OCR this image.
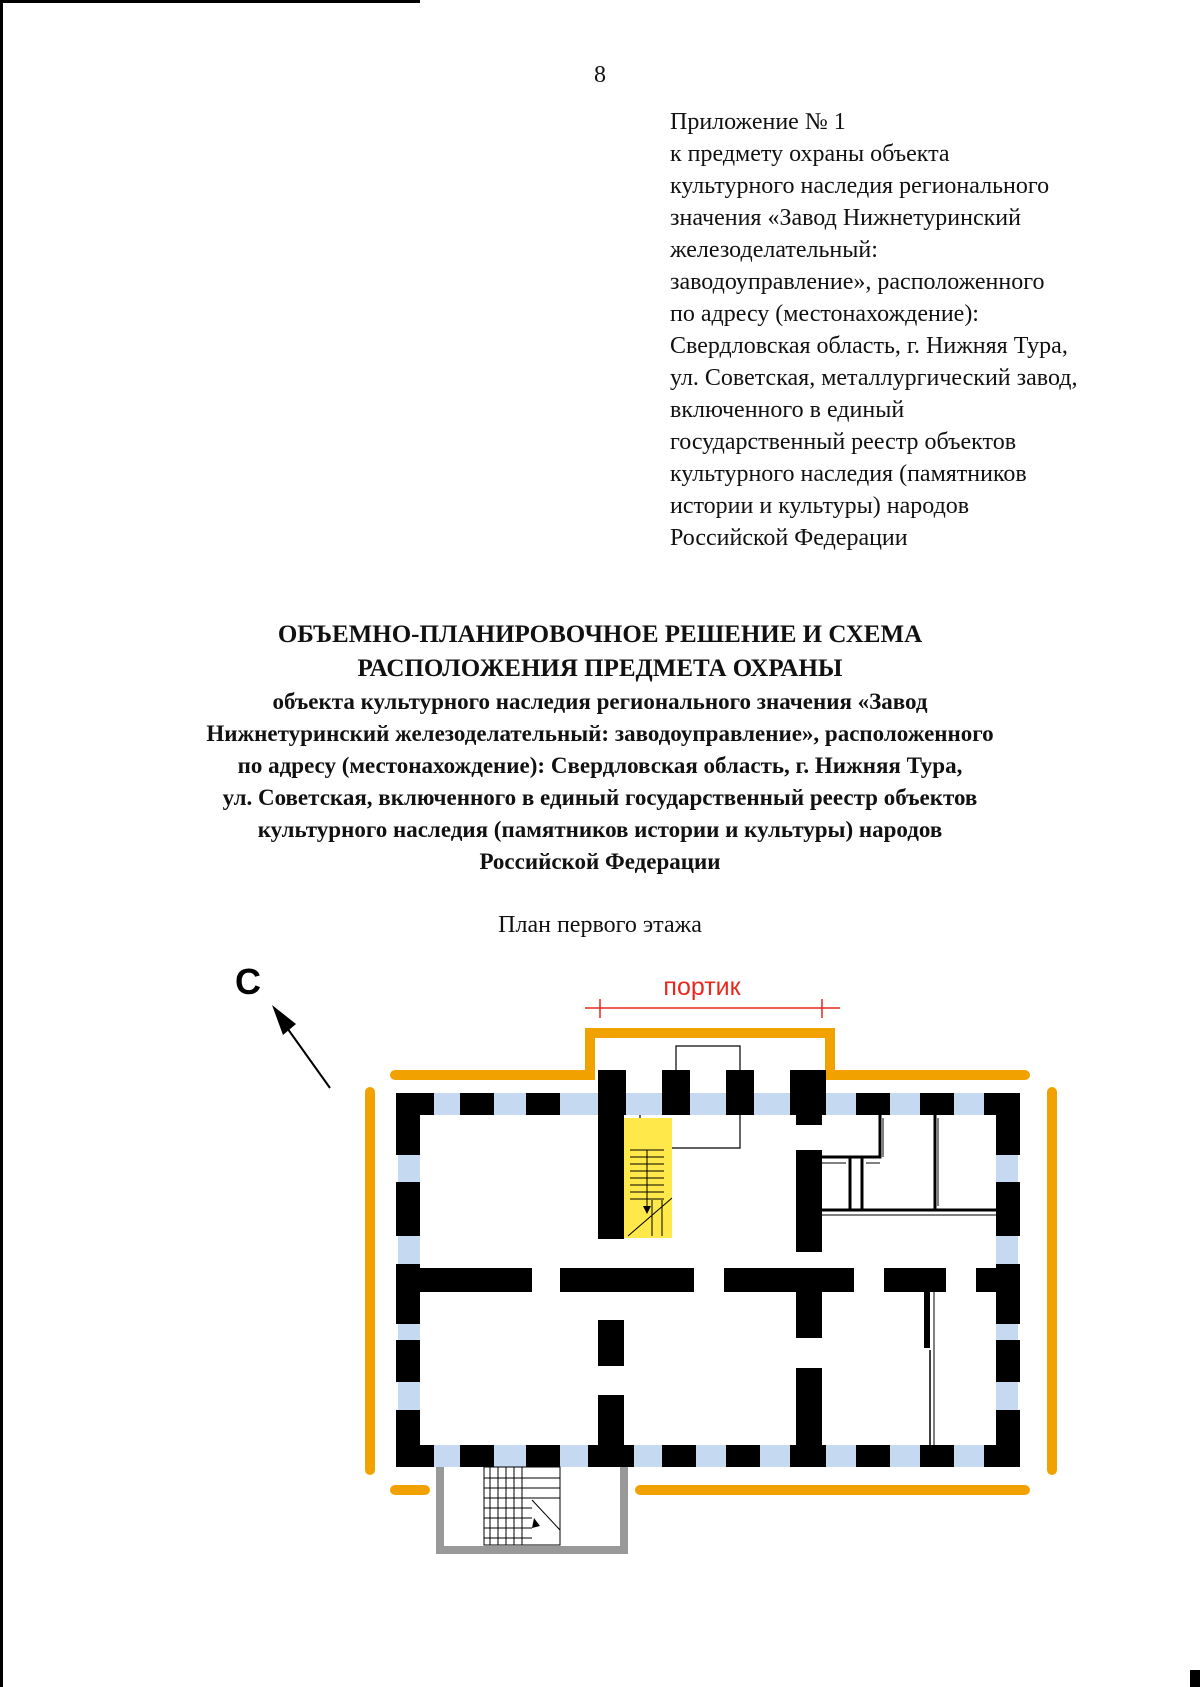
8
Приложение № 1
к предмету охраны объекта
культурного наследия регионального
значения «Завод Нижнетуринский
железоделательный:
заводоуправление», расположенного
по адресу (местонахождение):
Свердловская область, г. Нижняя Тура,
ул. Советская, металлургический завод,
включенного в единый
государственный реестр объектов
культурного наследия (памятников
истории и культуры) народов
Российской Федерации
ОБЪЕМНО-ПЛАНИРОВОЧНОЕ РЕШЕНИЕ И СХЕМА
РАСПОЛОЖЕНИЯ ПРЕДМЕТА ОХРАНЫ
объекта культурного наследия регионального значения «Завод
Нижнетуринский железоделательный: заводоуправление», расположенного
по адресу (местонахождение): Свердловская область, г. Нижняя Тура,
ул. Советская, включенного в единый государственный реестр объектов
культурного наследия (памятников истории и культуры) народов
Российской Федерации
План первого этажа
С	портик
